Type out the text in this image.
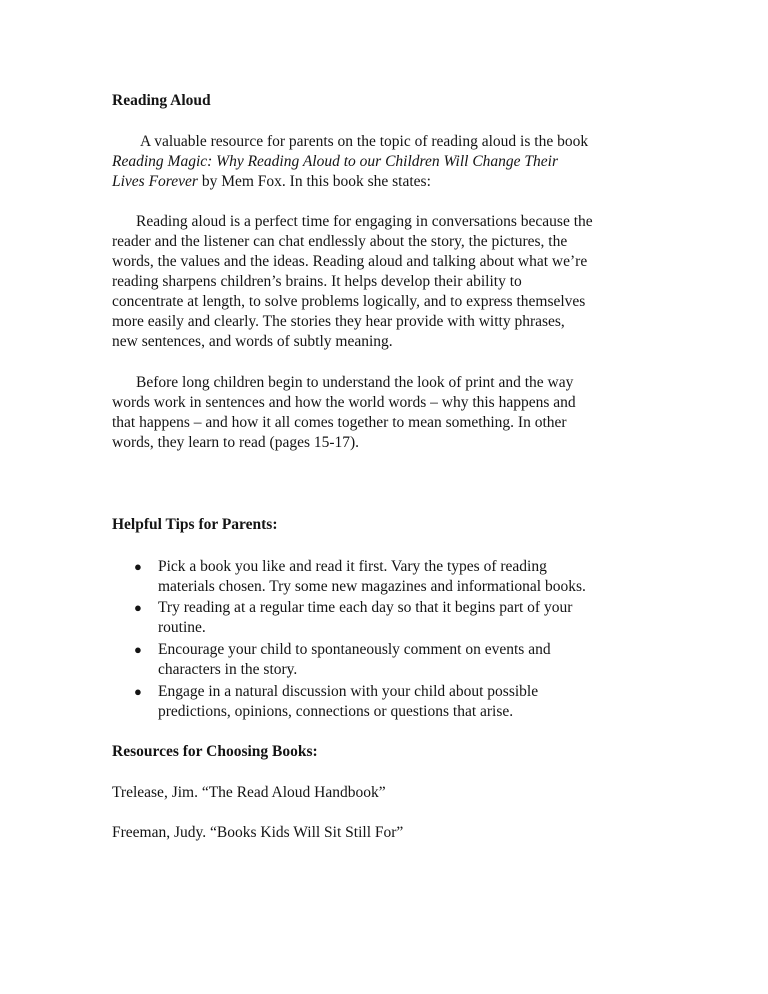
Reading Aloud
A valuable resource for parents on the topic of reading aloud is the book
Reading Magic: Why Reading Aloud to our Children Will Change Their
Lives Forever by Mem Fox. In this book she states:
Reading aloud is a perfect time for engaging in conversations because the
reader and the listener can chat endlessly about the story, the pictures, the
words, the values and the ideas. Reading aloud and talking about what we’re
reading sharpens children’s brains. It helps develop their ability to
concentrate at length, to solve problems logically, and to express themselves
more easily and clearly. The stories they hear provide with witty phrases,
new sentences, and words of subtly meaning.
Before long children begin to understand the look of print and the way
words work in sentences and how the world words – why this happens and
that happens – and how it all comes together to mean something. In other
words, they learn to read (pages 15-17).
Helpful Tips for Parents:
● Pick a book you like and read it first. Vary the types of reading
materials chosen. Try some new magazines and informational books.
● Try reading at a regular time each day so that it begins part of your
routine.
● Encourage your child to spontaneously comment on events and
characters in the story.
● Engage in a natural discussion with your child about possible
predictions, opinions, connections or questions that arise.
Resources for Choosing Books:
Trelease, Jim. “The Read Aloud Handbook”
Freeman, Judy. “Books Kids Will Sit Still For”
